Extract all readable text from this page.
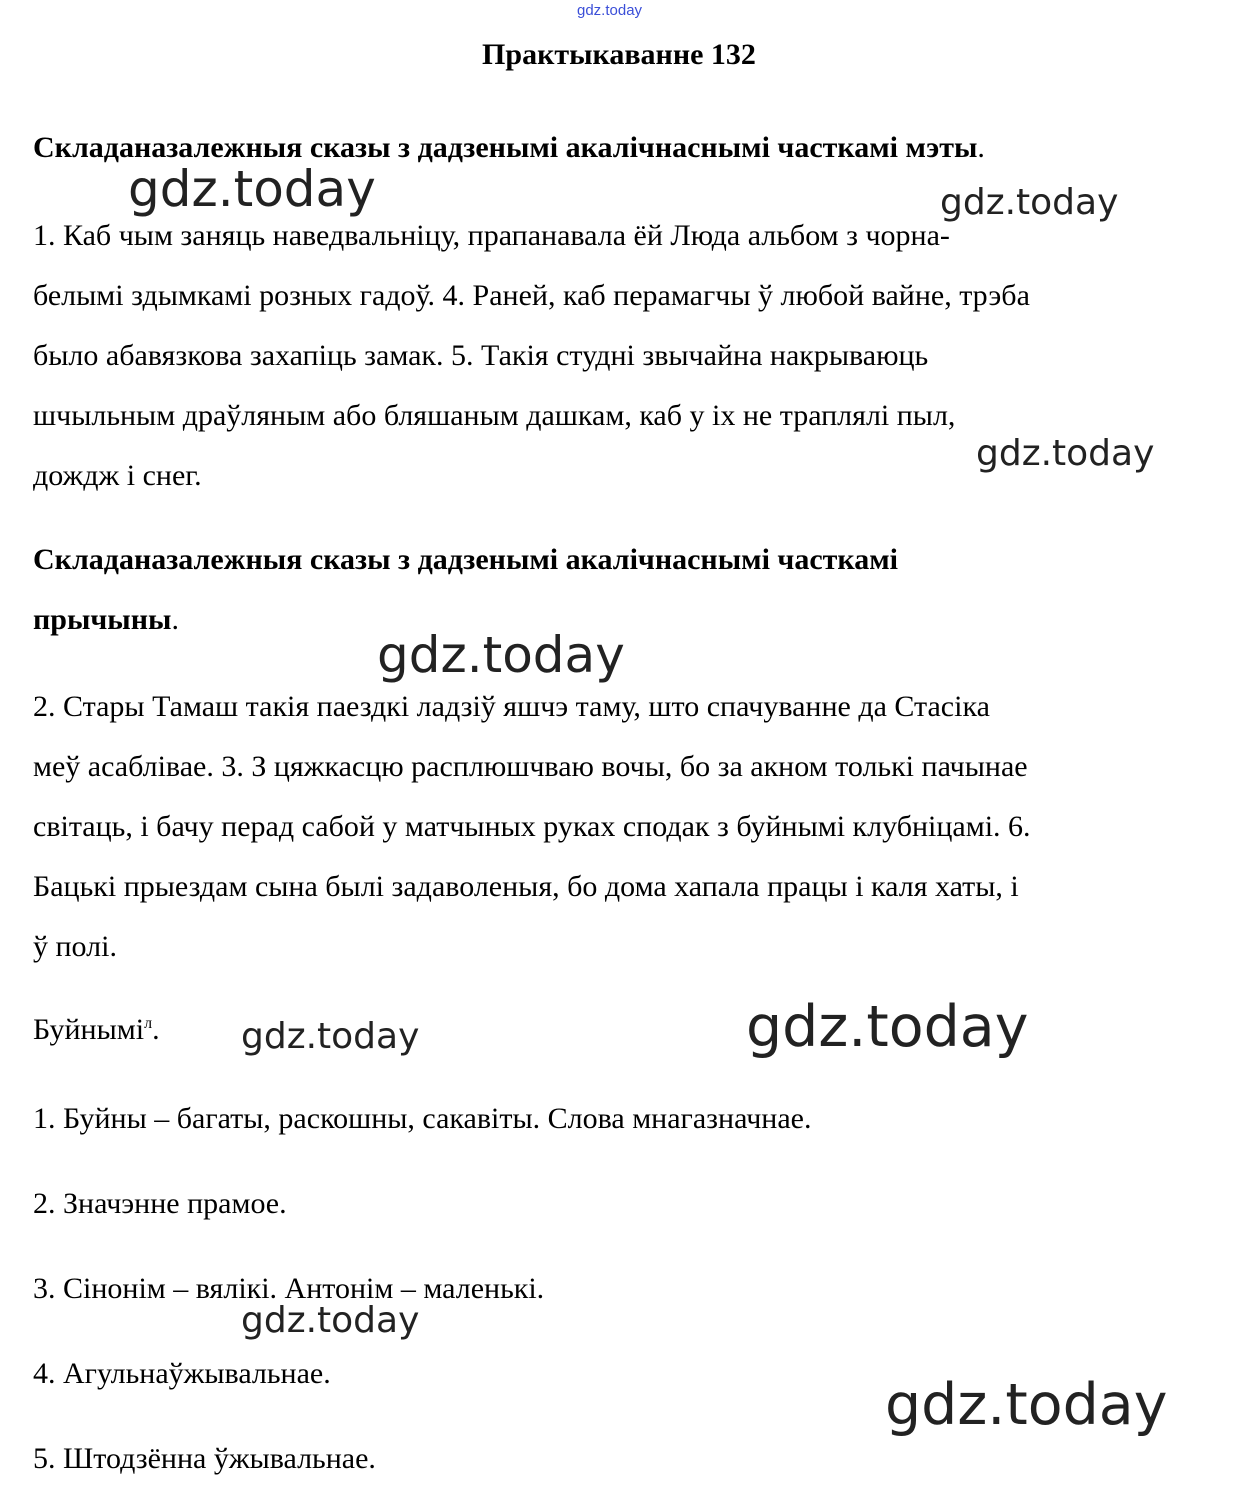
gdz.today
Практыкаванне 132
Складаназалежныя сказы з дадзенымі акалічнаснымі часткамі мэты.
1. Каб чым заняць наведвальніцу, прапанавала ёй Люда альбом з чорна-
белымі здымкамі розных гадоў. 4. Раней, каб перамагчы ў любой вайне, трэба
было абавязкова захапіць замак. 5. Такія студні звычайна накрываюць
шчыльным драўляным або бляшаным дашкам, каб у іх не траплялі пыл,
дождж і снег.
Складаназалежныя сказы з дадзенымі акалічнаснымі часткамі
прычыны.
2. Стары Тамаш такія паездкі ладзіў яшчэ таму, што спачуванне да Стасіка
меў асаблівае. 3. З цяжкасцю расплюшчваю вочы, бо за акном толькі пачынае
світаць, і бачу перад сабой у матчыных руках сподак з буйнымі клубніцамі. 6.
Бацькі прыездам сына былі задаволеныя, бо дома хапала працы і каля хаты, і
ў полі.
Буйнымі$^л$.
1. Буйны – багаты, раскошны, сакавіты. Слова мнагазначнае.
2. Значэнне прамое.
3. Сінонім – вялікі. Антонім – маленькі.
4. Агульнаўжывальнае.
5. Штодзённа ўжывальнае.
gdz.today	gdz.today
gdz.today
gdz.today
gdz.today	gdz.today
gdz.today
gdz.today
